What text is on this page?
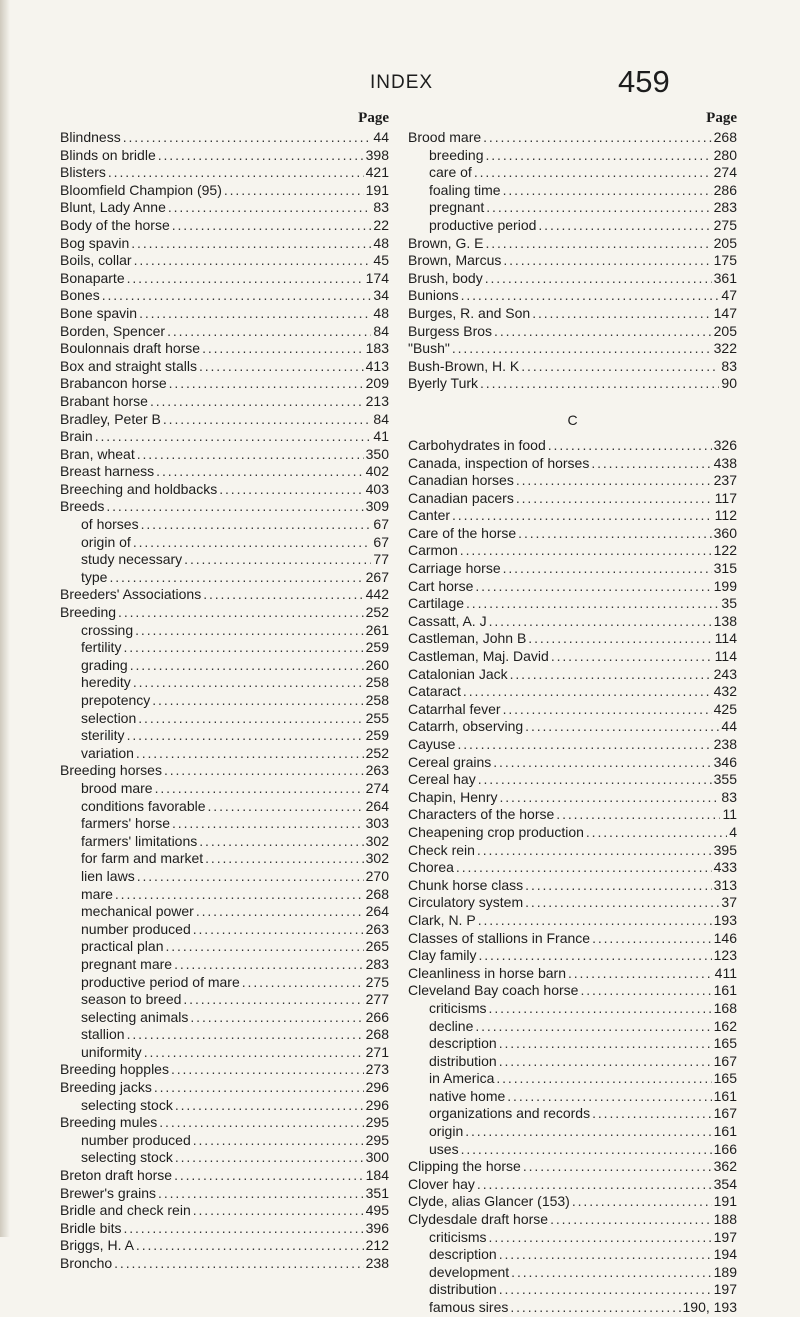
INDEX	459
Page
Blindness . . .	44
Blinds on bridle . . .	398
Blisters . . .	421
Bloomfield Champion (95) . . .	191
Blunt, Lady Anne . . .	83
Body of the horse . . .	22
Bog spavin . . .	48
Boils, collar . . .	45
Bonaparte . . .	174
Bones . . .	34
Bone spavin . . .	48
Borden, Spencer . . .	84
Boulonnais draft horse . . .	183
Box and straight stalls . . .	413
Brabancon horse . . .	209
Brabant horse . . .	213
Bradley, Peter B . . .	84
Brain . . .	41
Bran, wheat . . .	350
Breast harness . . .	402
Breeching and holdbacks . . .	403
Breeds . . .	309
of horses . . .	67
origin of . . .	67
study necessary . . .	77
type . . .	267
Breeders' Associations . . .	442
Breeding . . .	252
crossing . . .	261
fertility . . .	259
grading . . .	260
heredity . . .	258
prepotency . . .	258
selection . . .	255
sterility . . .	259
variation . . .	252
Breeding horses . . .	263
brood mare . . .	274
conditions favorable . . .	264
farmers' horse . . .	303
farmers' limitations . . .	302
for farm and market . . .	302
lien laws . . .	270
mare . . .	268
mechanical power . . .	264
number produced . . .	263
practical plan . . .	265
pregnant mare . . .	283
productive period of mare . . .	275
season to breed . . .	277
selecting animals . . .	266
stallion . . .	268
uniformity . . .	271
Breeding hopples . . .	273
Breeding jacks . . .	296
selecting stock . . .	296
Breeding mules . . .	295
number produced . . .	295
selecting stock . . .	300
Breton draft horse . . .	184
Brewer's grains . . .	351
Bridle and check rein . . .	495
Bridle bits . . .	396
Briggs, H. A . . .	212
Broncho . . .	238
Page
Brood mare . . .	268
breeding . . .	280
care of . . .	274
foaling time . . .	286
pregnant . . .	283
productive period . . .	275
Brown, G. E . . .	205
Brown, Marcus . . .	175
Brush, body . . .	361
Bunions . . .	47
Burges, R. and Son . . .	147
Burgess Bros . . .	205
"Bush" . . .	322
Bush-Brown, H. K . . .	83
Byerly Turk . . .	90
C
Carbohydrates in food . . .	326
Canada, inspection of horses . . .	438
Canadian horses . . .	237
Canadian pacers . . .	117
Canter . . .	112
Care of the horse . . .	360
Carmon . . .	122
Carriage horse . . .	315
Cart horse . . .	199
Cartilage . . .	35
Cassatt, A. J . . .	138
Castleman, John B . . .	114
Castleman, Maj. David . . .	114
Catalonian Jack . . .	243
Cataract . . .	432
Catarrhal fever . . .	425
Catarrh, observing . . .	44
Cayuse . . .	238
Cereal grains . . .	346
Cereal hay . . .	355
Chapin, Henry . . .	83
Characters of the horse . . .	11
Cheapening crop production . . .	4
Check rein . . .	395
Chorea . . .	433
Chunk horse class . . .	313
Circulatory system . . .	37
Clark, N. P . . .	193
Classes of stallions in France . . .	146
Clay family . . .	123
Cleanliness in horse barn . . .	411
Cleveland Bay coach horse . . .	161
criticisms . . .	168
decline . . .	162
description . . .	165
distribution . . .	167
in America . . .	165
native home . . .	161
organizations and records . . .	167
origin . . .	161
uses . . .	166
Clipping the horse . . .	362
Clover hay . . .	354
Clyde, alias Glancer (153) . . .	191
Clydesdale draft horse . . .	188
criticisms . . .	197
description . . .	194
development . . .	189
distribution . . .	197
famous sires . . .	190, 193
